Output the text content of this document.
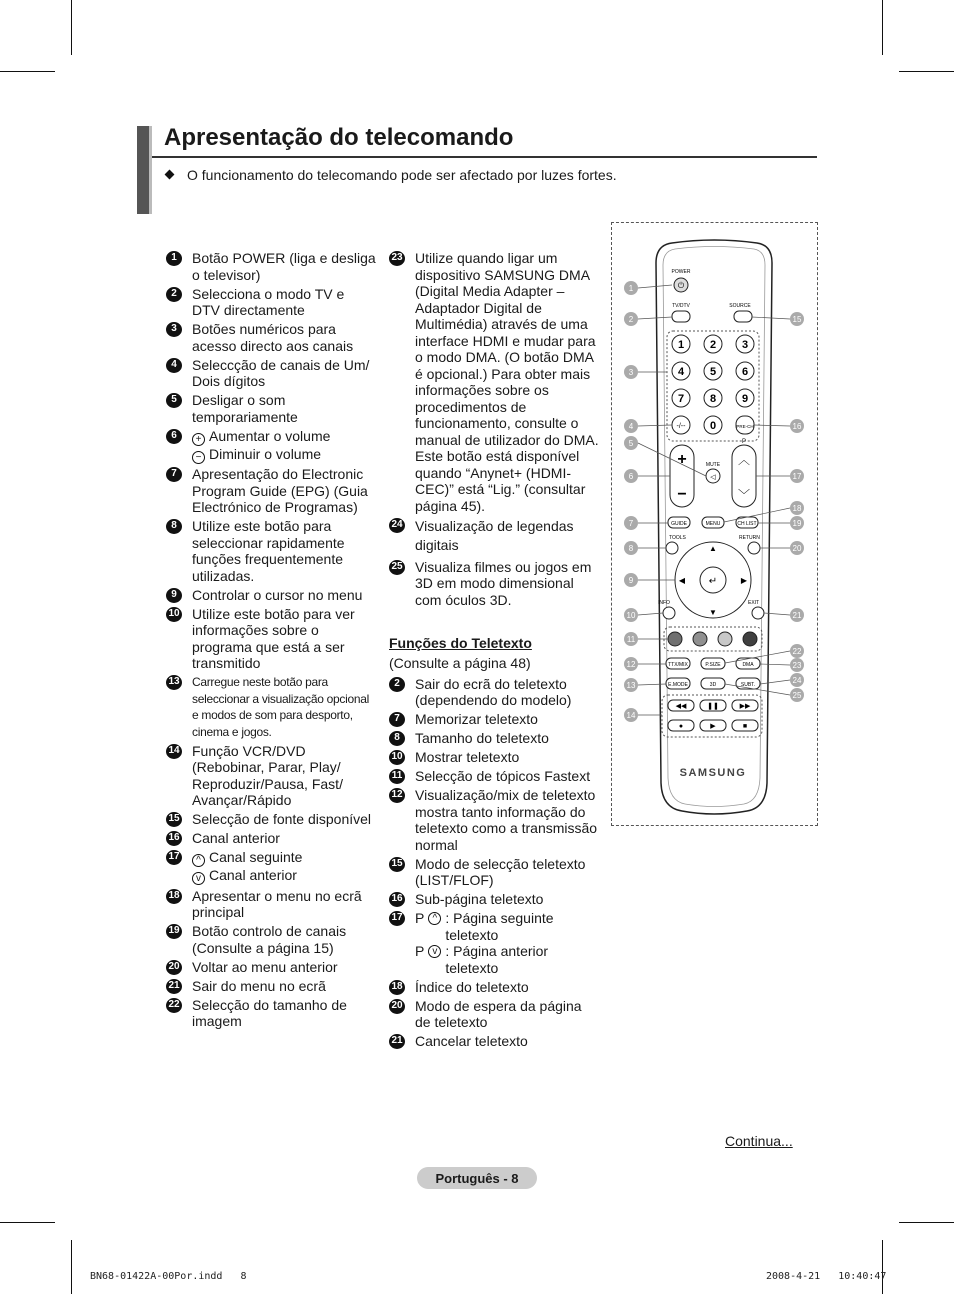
Apresentação do telecomando
O funcionamento do telecomando pode ser afectado por luzes fortes.
1	Botão POWER (liga e desliga o televisor)
2	Selecciona o modo TV e DTV directamente
3	Botões numéricos para acesso directo aos canais
4	Seleccção de canais de Um/ Dois dígitos
5	Desligar o som temporariamente
6	+ Aumentar o volume
− Diminuir o volume
7	Apresentação do Electronic Program Guide (EPG) (Guia Electrónico de Programas)
8	Utilize este botão para seleccionar rapidamente funções frequentemente utilizadas.
9	Controlar o cursor no menu
10 Utilize este botão para ver informações sobre o programa que está a ser transmitido
13 Carregue neste botão para seleccionar a visualização opcional e modos de som para desporto, cinema e jogos.
14 Função VCR/DVD (Rebobinar, Parar, Play/ Reproduzir/Pausa, Fast/ Avançar/Rápido
15 Selecção de fonte disponível
16 Canal anterior
17	^ Canal seguinte
v Canal anterior
18 Apresentar o menu no ecrã principal
19 Botão controlo de canais (Consulte a página 15)
20 Voltar ao menu anterior
21 Sair do menu no ecrã
22 Selecção do tamanho de imagem
23 Utilize quando ligar um dispositivo SAMSUNG DMA (Digital Media Adapter – Adaptador Digital de Multimédia) através de uma interface HDMI e mudar para o modo DMA. (O botão DMA é opcional.) Para obter mais informações sobre os procedimentos de funcionamento, consulte o manual de utilizador do DMA. Este botão está disponível quando “Anynet+ (HDMI-CEC)” está “Lig.” (consultar página 45).
24 Visualização de legendas digitais
25 Visualiza filmes ou jogos em 3D em modo dimensional com óculos 3D.
Funções do Teletexto
(Consulte a página 48)
2	Sair do ecrã do teletexto (dependendo do modelo)
7	Memorizar teletexto
8	Tamanho do teletexto
10 Mostrar teletexto
11 Selecção de tópicos Fastext
12 Visualização/mix de teletexto mostra tanto informação do teletexto como a transmissão normal
15 Modo de selecção teletexto (LIST/FLOF)
16 Sub-página teletexto
17 P ^ : Página seguinte teletexto
P v : Página anterior teletexto
18 Índice do teletexto
20 Modo de espera da página de teletexto
21 Cancelar teletexto
POWER
⏻
TV/DTV	SOURCE
1 2 3
4 5 6
7 8 9
0
-/--	PRE-CH
+
−
MUTE
◁
P
︿
﹀
GUIDE	MENU	CH LIST
TOOLS	RETURN
↵
▲
▼
◀	▶
INFO	EXIT
TTX/MIX	P.SIZE	DMA
E.MODE	3D	SUBT.
◀◀	❚❚	▶▶
●	▶	■
SAMSUNG
1
2
3
4
5
6
7
8
9
10
11
12
13
14
15
16
17
18
19
20
21
22
23
24
25
Continua...
Português - 8
BN68-01422A-00Por.indd   8	2008-4-21   10:40:47
